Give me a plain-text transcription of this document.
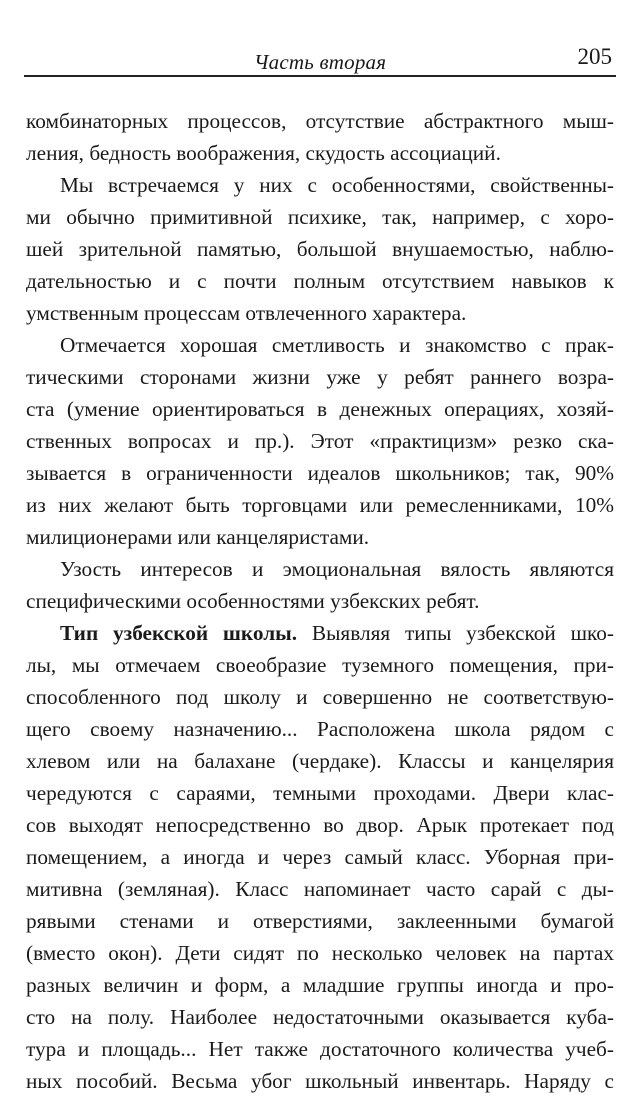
Часть вторая	205
комбинаторных процессов, отсутствие абстрактного мыш-
ления, бедность воображения, скудость ассоциаций.
Мы встречаемся у них с особенностями, свойственны-
ми обычно примитивной психике, так, например, с хоро-
шей зрительной памятью, большой внушаемостью, наблю-
дательностью и с почти полным отсутствием навыков к
умственным процессам отвлеченного характера.
Отмечается хорошая сметливость и знакомство с прак-
тическими сторонами жизни уже у ребят раннего возра-
ста (умение ориентироваться в денежных операциях, хозяй-
ственных вопросах и пр.). Этот «практицизм» резко ска-
зывается в ограниченности идеалов школьников; так, 90%
из них желают быть торговцами или ремесленниками, 10%
милиционерами или канцеляристами.
Узость интересов и эмоциональная вялость являются
специфическими особенностями узбекских ребят.
Тип узбекской школы. Выявляя типы узбекской шко-
лы, мы отмечаем своеобразие туземного помещения, при-
способленного под школу и совершенно не соответствую-
щего своему назначению... Расположена школа рядом с
хлевом или на балахане (чердаке). Классы и канцелярия
чередуются с сараями, темными проходами. Двери клас-
сов выходят непосредственно во двор. Арык протекает под
помещением, а иногда и через самый класс. Уборная при-
митивна (земляная). Класс напоминает часто сарай с ды-
рявыми стенами и отверстиями, заклеенными бумагой
(вместо окон). Дети сидят по несколько человек на партах
разных величин и форм, а младшие группы иногда и про-
сто на полу. Наиболее недостаточными оказывается куба-
тура и площадь... Нет также достаточного количества учеб-
ных пособий. Весьма убог школьный инвентарь. Наряду с
